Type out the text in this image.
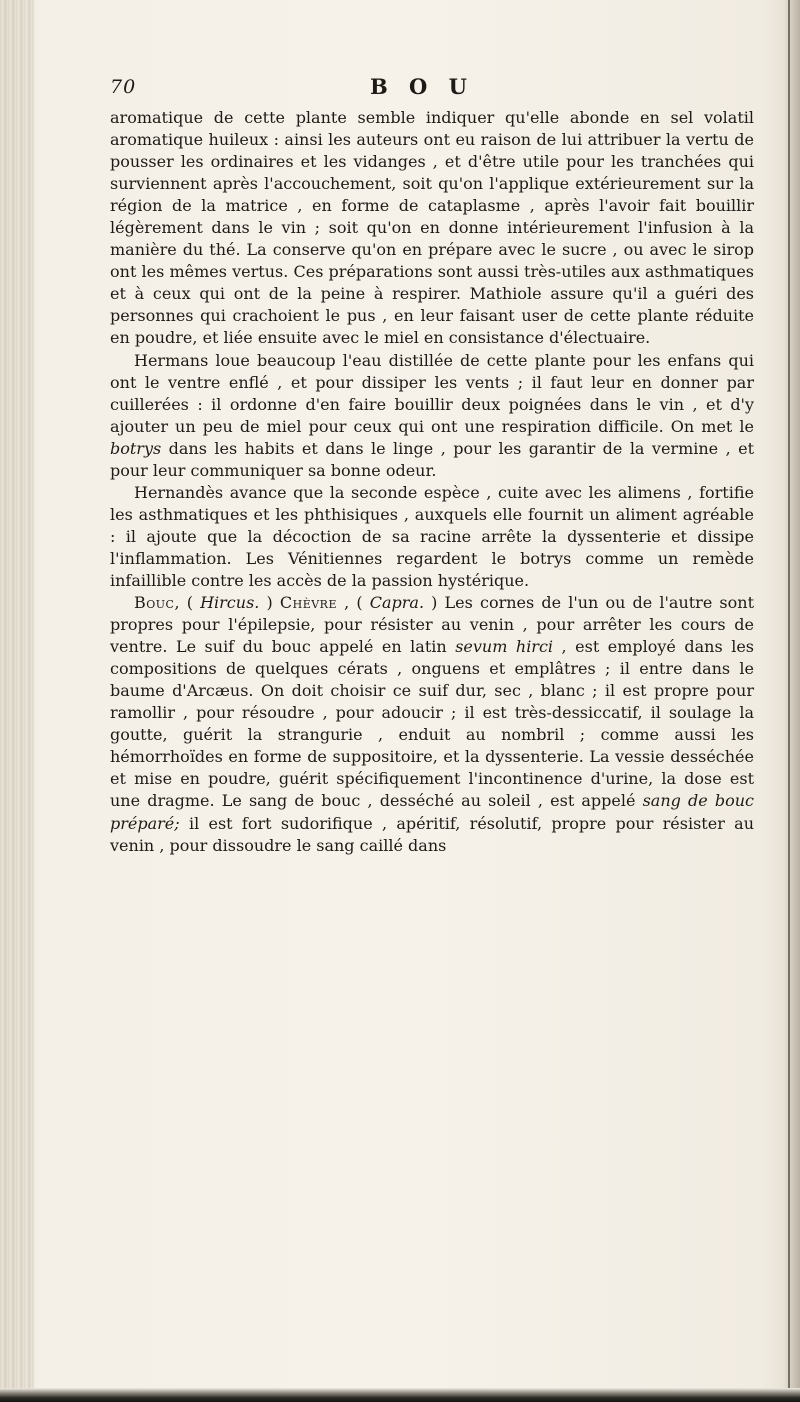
70	B O U

aromatique de cette plante semble indiquer qu'elle abonde en sel volatil aromatique huileux : ainsi les auteurs ont eu raison de lui attribuer la vertu de pousser les ordinaires et les vidanges , et d'être utile pour les tranchées qui surviennent après l'accouchement, soit qu'on l'applique extérieurement sur la région de la matrice , en forme de cataplasme , après l'avoir fait bouillir légèrement dans le vin ; soit qu'on en donne intérieurement l'infusion à la manière du thé. La conserve qu'on en prépare avec le sucre , ou avec le sirop ont les mêmes vertus. Ces préparations sont aussi très-utiles aux asthmatiques et à ceux qui ont de la peine à respirer. Mathiole assure qu'il a guéri des personnes qui crachoient le pus , en leur faisant user de cette plante réduite en poudre, et liée ensuite avec le miel en consistance d'électuaire.

Hermans loue beaucoup l'eau distillée de cette plante pour les enfans qui ont le ventre enflé , et pour dissiper les vents ; il faut leur en donner par cuillerées : il ordonne d'en faire bouillir deux poignées dans le vin , et d'y ajouter un peu de miel pour ceux qui ont une respiration difficile. On met le botrys dans les habits et dans le linge , pour les garantir de la vermine , et pour leur communiquer sa bonne odeur.

Hernandès avance que la seconde espèce , cuite avec les alimens , fortifie les asthmatiques et les phthisiques , auxquels elle fournit un aliment agréable : il ajoute que la décoction de sa racine arrête la dyssenterie et dissipe l'inflammation. Les Vénitiennes regardent le botrys comme un remède infaillible contre les accès de la passion hystérique.

Bouc, ( Hircus. ) Chèvre , ( Capra. ) Les cornes de l'un ou de l'autre sont propres pour l'épilepsie, pour résister au venin , pour arrêter les cours de ventre. Le suif du bouc appelé en latin sevum hirci , est employé dans les compositions de quelques cérats , onguens et emplâtres ; il entre dans le baume d'Arcæus. On doit choisir ce suif dur, sec , blanc ; il est propre pour ramollir , pour résoudre , pour adoucir ; il est très-dessiccatif, il soulage la goutte, guérit la strangurie , enduit au nombril ; comme aussi les hémorrhoïdes en forme de suppositoire, et la dyssenterie. La vessie desséchée et mise en poudre, guérit spécifiquement l'incontinence d'urine, la dose est une dragme. Le sang de bouc , desséché au soleil , est appelé sang de bouc préparé; il est fort sudorifique , apéritif, résolutif, propre pour résister au venin , pour dissoudre le sang caillé dans
